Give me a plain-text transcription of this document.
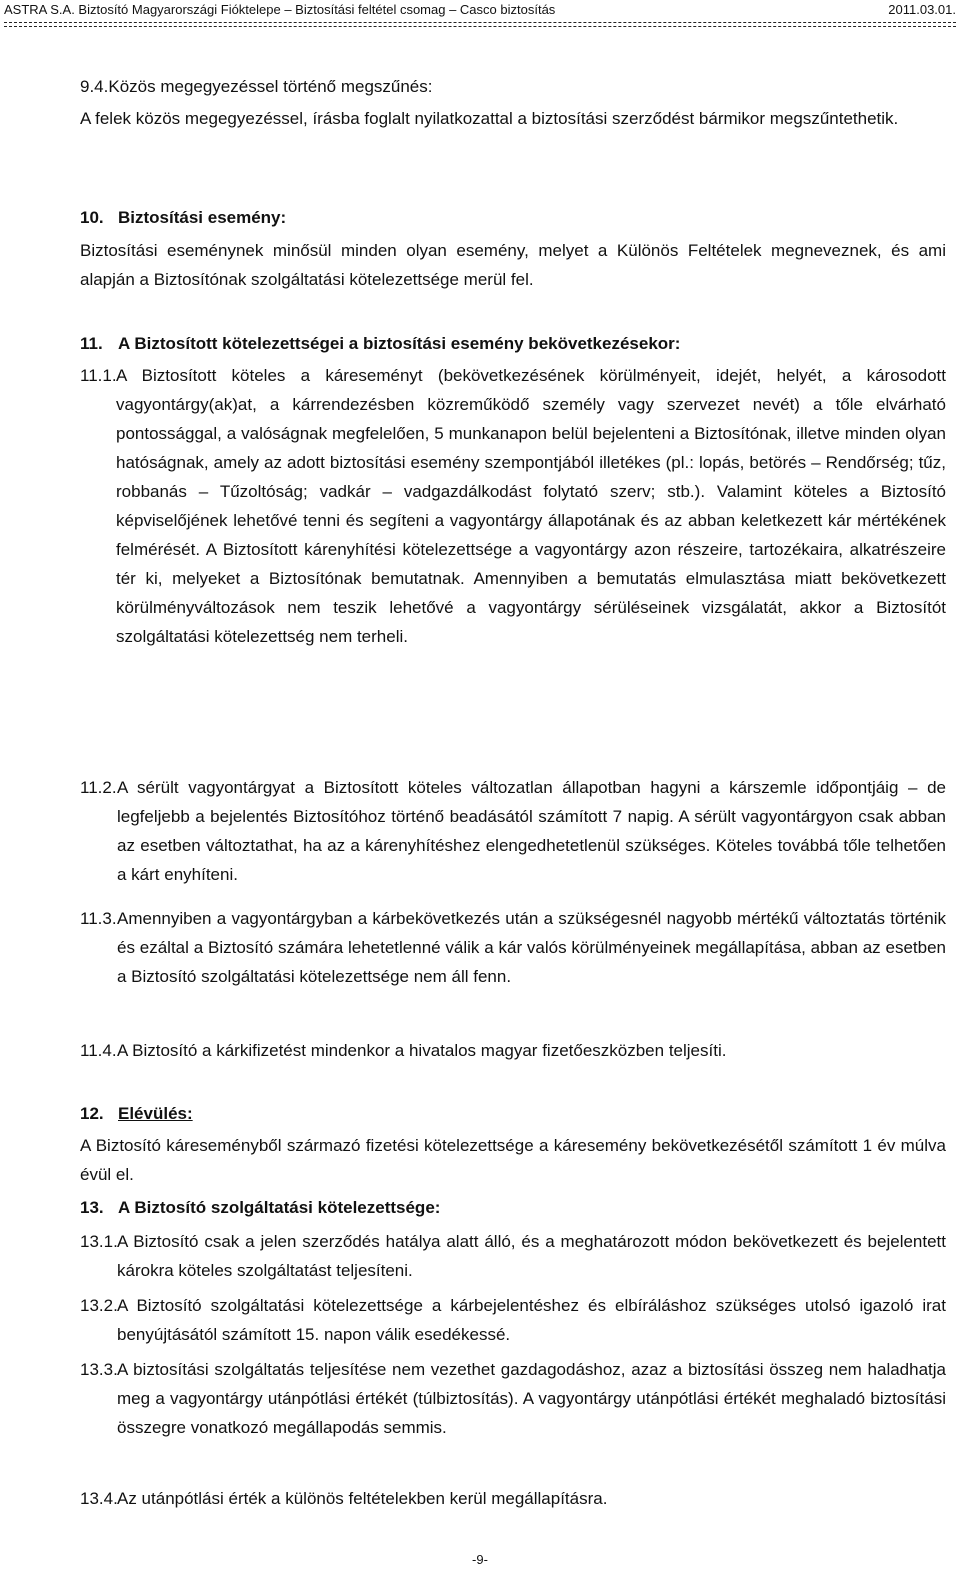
ASTRA S.A. Biztosító Magyarországi Fióktelepe – Biztosítási feltétel csomag – Casco biztosítás	2011.03.01.
9.4.Közös megegyezéssel történő megszűnés:
A felek közös megegyezéssel, írásba foglalt nyilatkozattal a biztosítási szerződést bármikor megszűntethetik.
10. Biztosítási esemény:
Biztosítási eseménynek minősül minden olyan esemény, melyet a Különös Feltételek megneveznek, és ami alapján a Biztosítónak szolgáltatási kötelezettsége merül fel.
11. A Biztosított kötelezettségei a biztosítási esemény bekövetkezésekor:
11.1. A Biztosított köteles a káreseményt (bekövetkezésének körülményeit, idejét, helyét, a károsodott vagyontárgy(ak)at, a kárrendezésben közreműködő személy vagy szervezet nevét) a tőle elvárható pontossággal, a valóságnak megfelelően, 5 munkanapon belül bejelenteni a Biztosítónak, illetve minden olyan hatóságnak, amely az adott biztosítási esemény szempontjából illetékes (pl.: lopás, betörés – Rendőrség; tűz, robbanás – Tűzoltóság; vadkár – vadgazdálkodást folytató szerv; stb.). Valamint köteles a Biztosító képviselőjének lehetővé tenni és segíteni a vagyontárgy állapotának és az abban keletkezett kár mértékének felmérését. A Biztosított kárenyhítési kötelezettsége a vagyontárgy azon részeire, tartozékaira, alkatrészeire tér ki, melyeket a Biztosítónak bemutatnak. Amennyiben a bemutatás elmulasztása miatt bekövetkezett körülményváltozások nem teszik lehetővé a vagyontárgy sérüléseinek vizsgálatát, akkor a Biztosítót szolgáltatási kötelezettség nem terheli.
11.2. A sérült vagyontárgyat a Biztosított köteles változatlan állapotban hagyni a kárszemle időpontjáig – de legfeljebb a bejelentés Biztosítóhoz történő beadásától számított 7 napig. A sérült vagyontárgyon csak abban az esetben változtathat, ha az a kárenyhítéshez elengedhetetlenül szükséges. Köteles továbbá tőle telhetően a kárt enyhíteni.
11.3. Amennyiben a vagyontárgyban a kárbekövetkezés után a szükségesnél nagyobb mértékű változtatás történik és ezáltal a Biztosító számára lehetetlenné válik a kár valós körülményeinek megállapítása, abban az esetben a Biztosító szolgáltatási kötelezettsége nem áll fenn.
11.4. A Biztosító a kárkifizetést mindenkor a hivatalos magyar fizetőeszközben teljesíti.
12. Elévülés:
A Biztosító káreseményből származó fizetési kötelezettsége a káresemény bekövetkezésétől számított 1 év múlva évül el.
13. A Biztosító szolgáltatási kötelezettsége:
13.1. A Biztosító csak a jelen szerződés hatálya alatt álló, és a meghatározott módon bekövetkezett és bejelentett károkra köteles szolgáltatást teljesíteni.
13.2. A Biztosító szolgáltatási kötelezettsége a kárbejelentéshez és elbíráláshoz szükséges utolsó igazoló irat benyújtásától számított 15. napon válik esedékessé.
13.3. A biztosítási szolgáltatás teljesítése nem vezethet gazdagodáshoz, azaz a biztosítási összeg nem haladhatja meg a vagyontárgy utánpótlási értékét (túlbiztosítás). A vagyontárgy utánpótlási értékét meghaladó biztosítási összegre vonatkozó megállapodás semmis.
13.4. Az utánpótlási érték a különös feltételekben kerül megállapításra.
-9-
